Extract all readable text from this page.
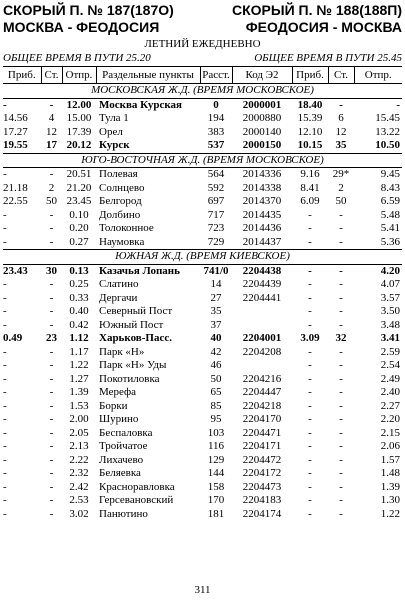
СКОРЫЙ П. № 187(187О)
МОСКВА - ФЕОДОСИЯ
СКОРЫЙ П. № 188(188П)
ФЕОДОСИЯ - МОСКВА
ЛЕТНИЙ ЕЖЕДНЕВНО
ОБЩЕЕ ВРЕМЯ В ПУТИ 25.20	ОБЩЕЕ ВРЕМЯ В ПУТИ 25.45
Приб.	Ст.	Отпр.	Раздельные пункты	Расст.	Код Э2	Приб.	Ст.	Отпр.
МОСКОВСКАЯ Ж.Д. (ВРЕМЯ МОСКОВСКОЕ)								
-	-	12.00	Москва Курская	0	2000001	18.40	-	-
14.56	4	15.00	Тула 1	194	2000880	15.39	6	15.45
17.27	12	17.39	Орел	383	2000140	12.10	12	13.22
19.55	17	20.12	Курск	537	2000150	10.15	35	10.50
ЮГО-ВОСТОЧНАЯ Ж.Д. (ВРЕМЯ МОСКОВСКОЕ)								
-	-	20.51	Полевая	564	2014336	9.16	29*	9.45
21.18	2	21.20	Солнцево	592	2014338	8.41	2	8.43
22.55	50	23.45	Белгород	697	2014370	6.09	50	6.59
-	-	0.10	Долбино	717	2014435	-	-	5.48
-	-	0.20	Толоконное	723	2014436	-	-	5.41
-	-	0.27	Наумовка	729	2014437	-	-	5.36
ЮЖНАЯ Ж.Д. (ВРЕМЯ КИЕВСКОЕ)								
23.43	30	0.13	Казачья Лопань	741/0	2204438	-	-	4.20
-	-	0.25	Слатино	14	2204439	-	-	4.07
-	-	0.33	Дергачи	27	2204441	-	-	3.57
-	-	0.40	Северный Пост	35		-	-	3.50
-	-	0.42	Южный Пост	37		-	-	3.48
0.49	23	1.12	Харьков-Пасс.	40	2204001	3.09	32	3.41
-	-	1.17	Парк «Н»	42	2204208	-	-	2.59
-	-	1.22	Парк «Н» Уды	46		-	-	2.54
-	-	1.27	Покотиловка	50	2204216	-	-	2.49
-	-	1.39	Мерефа	65	2204447	-	-	2.40
-	-	1.53	Борки	85	2204218	-	-	2.27
-	-	2.00	Шурино	95	2204170	-	-	2.20
-	-	2.05	Беспаловка	103	2204471	-	-	2.15
-	-	2.13	Тройчатое	116	2204171	-	-	2.06
-	-	2.22	Лихачево	129	2204472	-	-	1.57
-	-	2.32	Беляевка	144	2204172	-	-	1.48
-	-	2.42	Красноpавловка	158	2204473	-	-	1.39
-	-	2.53	Герсевановский	170	2204183	-	-	1.30
-	-	3.02	Панютино	181	2204174	-	-	1.22
311
